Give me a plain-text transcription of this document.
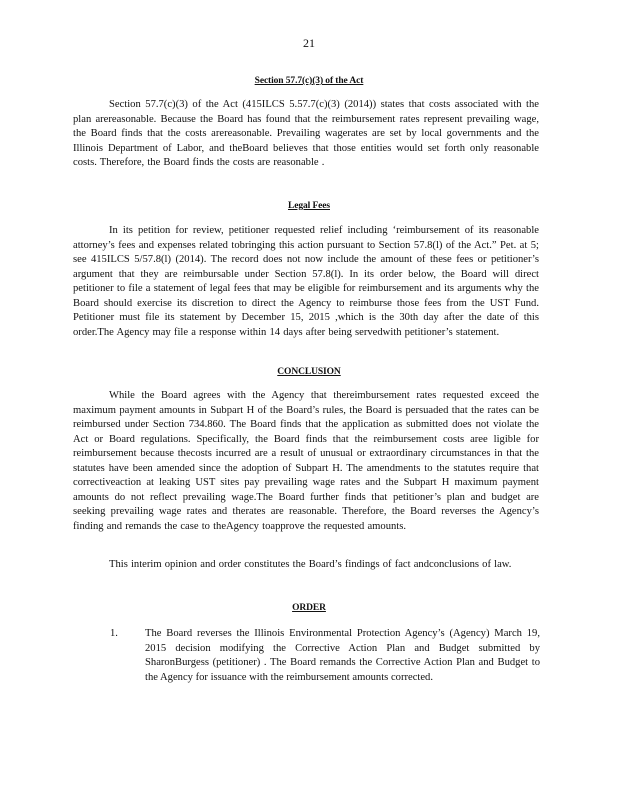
21
Section 57.7(c)(3) of the Act
Section 57.7(c)(3) of the Act (415ILCS 5.57.7(c)(3) (2014)) states that costs associated with the plan arereasonable. Because the Board has found that the reimbursement rates represent prevailing wage, the Board finds that the costs arereasonable. Prevailing wagerates are set by local governments and the Illinois Department of Labor, and theBoard believes that those entities would set forth only reasonable costs. Therefore, the Board finds the costs are reasonable .
Legal Fees
In its petition for review, petitioner requested relief including ‘reimbursement of its reasonable attorney’s fees and expenses related tobringing this action pursuant to Section 57.8(l) of the Act.” Pet. at 5; see 415ILCS 5/57.8(l) (2014). The record does not now include the amount of these fees or petitioner’s argument that they are reimbursable under Section 57.8(l). In its order below, the Board will direct petitioner to file a statement of legal fees that may be eligible for reimbursement and its arguments why the Board should exercise its discretion to direct the Agency to reimburse those fees from the UST Fund. Petitioner must file its statement by December 15, 2015 ,which is the 30th day after the date of this order.The Agency may file a response within 14 days after being servedwith petitioner’s statement.
CONCLUSION
While the Board agrees with the Agency that thereimbursement rates requested exceed the maximum payment amounts in Subpart H of the Board’s rules, the Board is persuaded that the rates can be reimbursed under Section 734.860. The Board finds that the application as submitted does not violate the Act or Board regulations. Specifically, the Board finds that the reimbursement costs aree ligible for reimbursement because thecosts incurred are a result of unusual or extraordinary circumstances in that the statutes have been amended since the adoption of Subpart H. The amendments to the statutes require that correctiveaction at leaking UST sites pay prevailing wage rates and the Subpart H maximum payment amounts do not reflect prevailing wage.The Board further finds that petitioner’s plan and budget are seeking prevailing wage rates and therates are reasonable. Therefore, the Board reverses the Agency’s finding and remands the case to theAgency toapprove the requested amounts.
This interim opinion and order constitutes the Board’s findings of fact andconclusions of law.
ORDER
1.	The Board reverses the Illinois Environmental Protection Agency’s (Agency) March 19, 2015 decision modifying the Corrective Action Plan and Budget submitted by SharonBurgess (petitioner) . The Board remands the Corrective Action Plan and Budget to the Agency for issuance with the reimbursement amounts corrected.
